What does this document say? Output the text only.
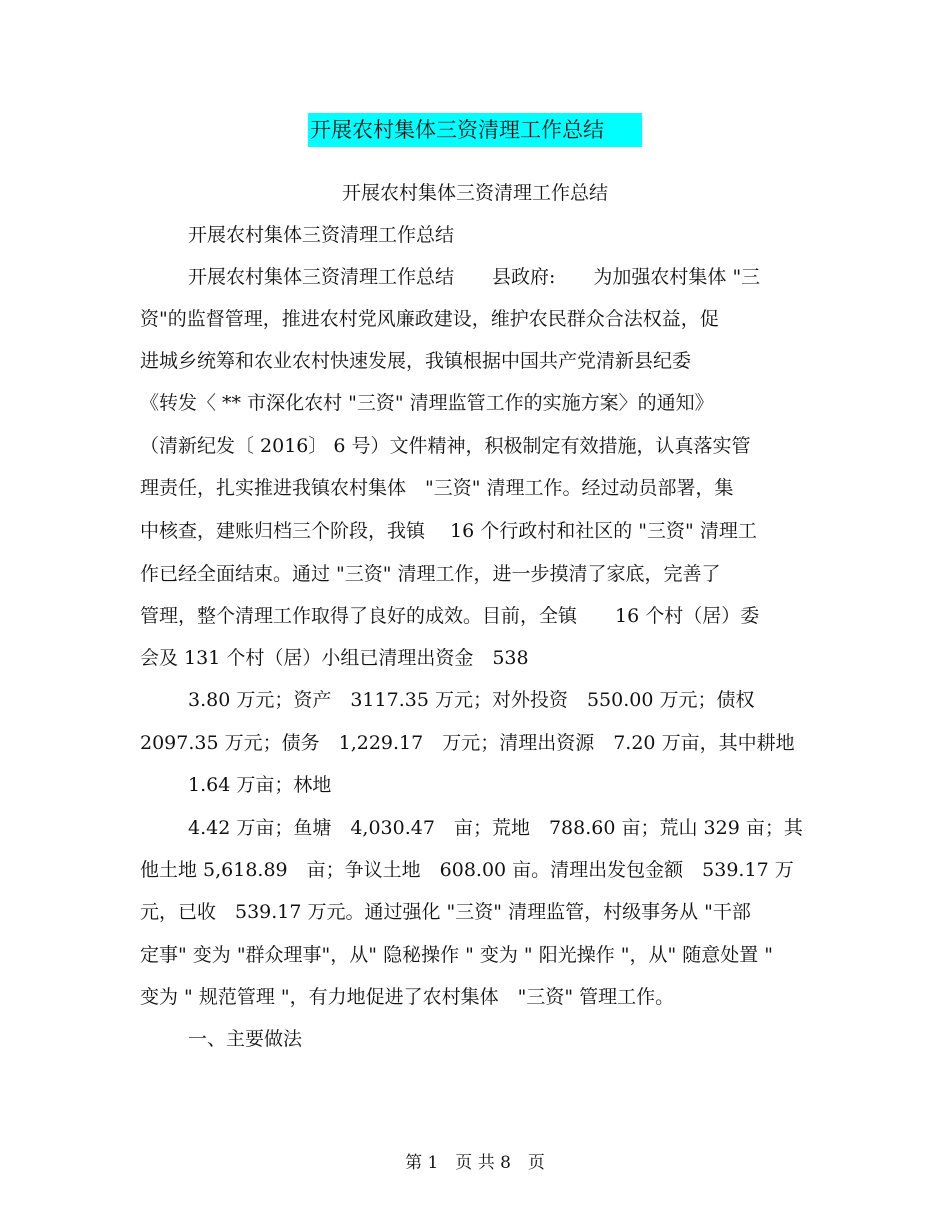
开展农村集体三资清理工作总结
开展农村集体三资清理工作总结
开展农村集体三资清理工作总结
开展农村集体三资清理工作总结　　县政府:　　为加强农村集体 "三
资"的监督管理，推进农村党风廉政建设，维护农民群众合法权益，促
进城乡统筹和农业农村快速发展，我镇根据中国共产党清新县纪委
《转发〈 ** 市深化农村 "三资" 清理监管工作的实施方案〉的通知》
（清新纪发〔 2016〕 6 号）文件精神，积极制定有效措施，认真落实管
理责任，扎实推进我镇农村集体　"三资" 清理工作。经过动员部署，集
中核查，建账归档三个阶段，我镇　 16 个行政村和社区的 "三资" 清理工
作已经全面结束。通过 "三资" 清理工作，进一步摸清了家底，完善了
管理，整个清理工作取得了良好的成效。目前，全镇　　16 个村（居）委
会及 131 个村（居）小组已清理出资金　538
3.80 万元；资产　3117.35 万元；对外投资　550.00 万元；债权
2097.35 万元；债务　1,229.17　万元；清理出资源　7.20 万亩，其中耕地
1.64 万亩；林地
4.42 万亩；鱼塘　4,030.47　亩；荒地　788.60 亩；荒山 329 亩；其
他土地 5,618.89　亩；争议土地　608.00 亩。清理出发包金额　539.17 万
元，已收　539.17 万元。通过强化 "三资" 清理监管，村级事务从 "干部
定事" 变为 "群众理事"，从" 隐秘操作 " 变为 " 阳光操作 "，从" 随意处置 "
变为 " 规范管理 "，有力地促进了农村集体　"三资" 管理工作。
一、主要做法
第 1　页 共 8　页
